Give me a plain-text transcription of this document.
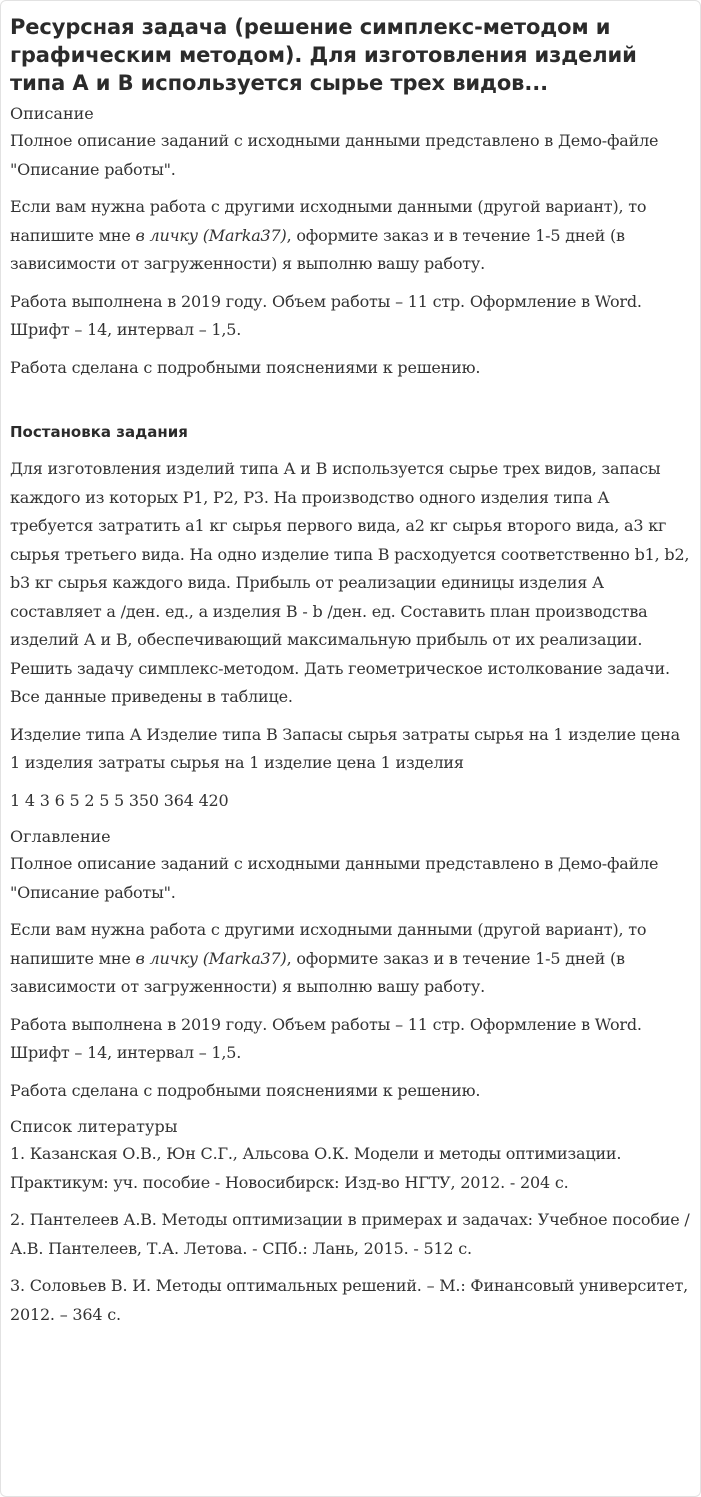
Ресурсная задача (решение симплекс-методом и графическим методом). Для изготовления изделий типа А и В используется сырье трех видов...
Описание

Полное описание заданий с исходными данными представлено в Демо-файле "Описание работы".

Если вам нужна работа с другими исходными данными (другой вариант), то напишите мне в личку (Marka37), оформите заказ и в течение 1-5 дней (в зависимости от загруженности) я выполню вашу работу.

Работа выполнена в 2019 году. Объем работы – 11 стр. Оформление в Word. Шрифт – 14, интервал – 1,5.

Работа сделана с подробными пояснениями к решению.

Постановка задания

Для изготовления изделий типа А и В используется сырье трех видов, запасы каждого из которых Р1, Р2, Р3. На производство одного изделия типа А требуется затратить а1 кг сырья первого вида, а2 кг сырья второго вида, а3 кг сырья третьего вида. На одно изделие типа В расходуется соответственно b1, b2, b3 кг сырья каждого вида. Прибыль от реализации единицы изделия А составляет а /ден. ед., а изделия В - b /ден. ед. Составить план производства изделий А и В, обеспечивающий максимальную прибыль от их реализации. Решить задачу симплекс-методом. Дать геометрическое истолкование задачи. Все данные приведены в таблице.

Изделие типа А Изделие типа В Запасы сырья затраты сырья на 1 изделие цена 1 изделия затраты сырья на 1 изделие цена 1 изделия

1 4 3 6 5 2 5 5 350 364 420

Оглавление

Полное описание заданий с исходными данными представлено в Демо-файле "Описание работы".

Если вам нужна работа с другими исходными данными (другой вариант), то напишите мне в личку (Marka37), оформите заказ и в течение 1-5 дней (в зависимости от загруженности) я выполню вашу работу.

Работа выполнена в 2019 году. Объем работы – 11 стр. Оформление в Word. Шрифт – 14, интервал – 1,5.

Работа сделана с подробными пояснениями к решению.

Список литературы

1. Казанская О.В., Юн С.Г., Альсова О.К. Модели и методы оптимизации. Практикум: уч. пособие - Новосибирск: Изд-во НГТУ, 2012. - 204 с.

2. Пантелеев А.В. Методы оптимизации в примерах и задачах: Учебное пособие / А.В. Пантелеев, Т.А. Летова. - СПб.: Лань, 2015. - 512 с.

3. Соловьев В. И. Методы оптимальных решений. – М.: Финансовый университет, 2012. – 364 с.
